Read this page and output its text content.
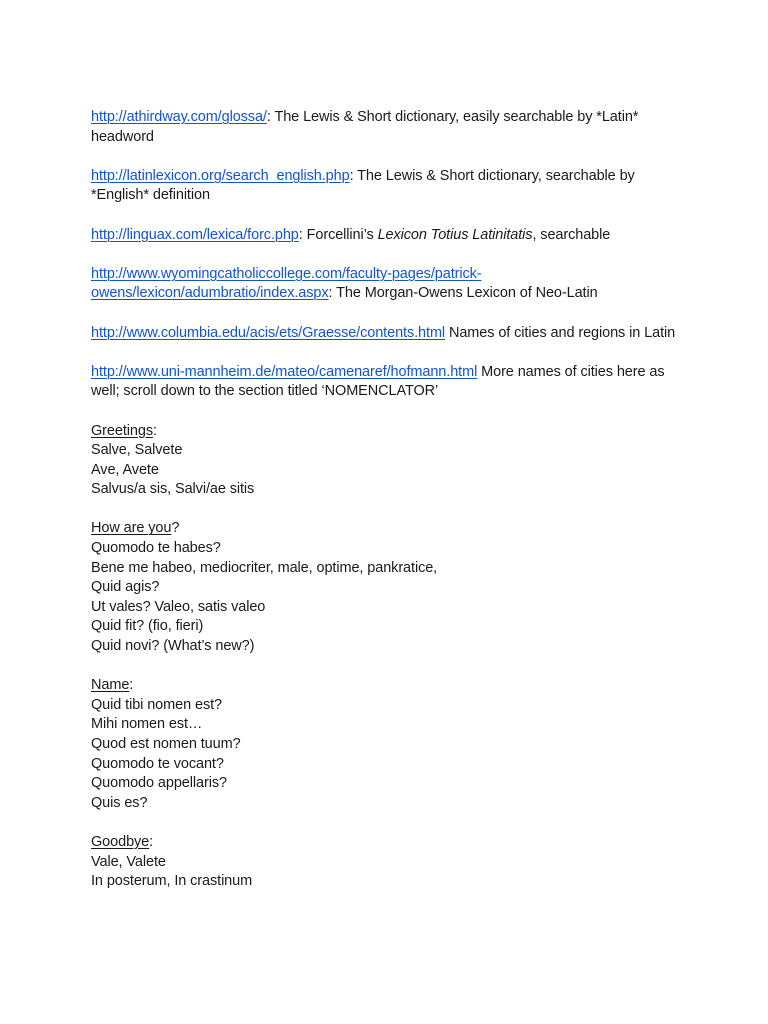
http://athirdway.com/glossa/: The Lewis & Short dictionary, easily searchable by *Latin* headword
http://latinlexicon.org/search_english.php: The Lewis & Short dictionary, searchable by *English* definition
http://linguax.com/lexica/forc.php: Forcellini’s Lexicon Totius Latinitatis, searchable
http://www.wyomingcatholiccollege.com/faculty-pages/patrick-
owens/lexicon/adumbratio/index.aspx: The Morgan-Owens Lexicon of Neo-Latin
http://www.columbia.edu/acis/ets/Graesse/contents.html Names of cities and regions in Latin
http://www.uni-mannheim.de/mateo/camenaref/hofmann.html More names of cities here as well; scroll down to the section titled ‘NOMENCLATOR’
Greetings:
Salve, Salvete
Ave, Avete
Salvus/a sis, Salvi/ae sitis
How are you?
Quomodo te habes?
Bene me habeo, mediocriter, male, optime, pankratice,
Quid agis?
Ut vales? Valeo, satis valeo
Quid fit? (fio, fieri)
Quid novi? (What’s new?)
Name:
Quid tibi nomen est?
Mihi nomen est…
Quod est nomen tuum?
Quomodo te vocant?
Quomodo appellaris?
Quis es?
Goodbye:
Vale, Valete
In posterum, In crastinum
